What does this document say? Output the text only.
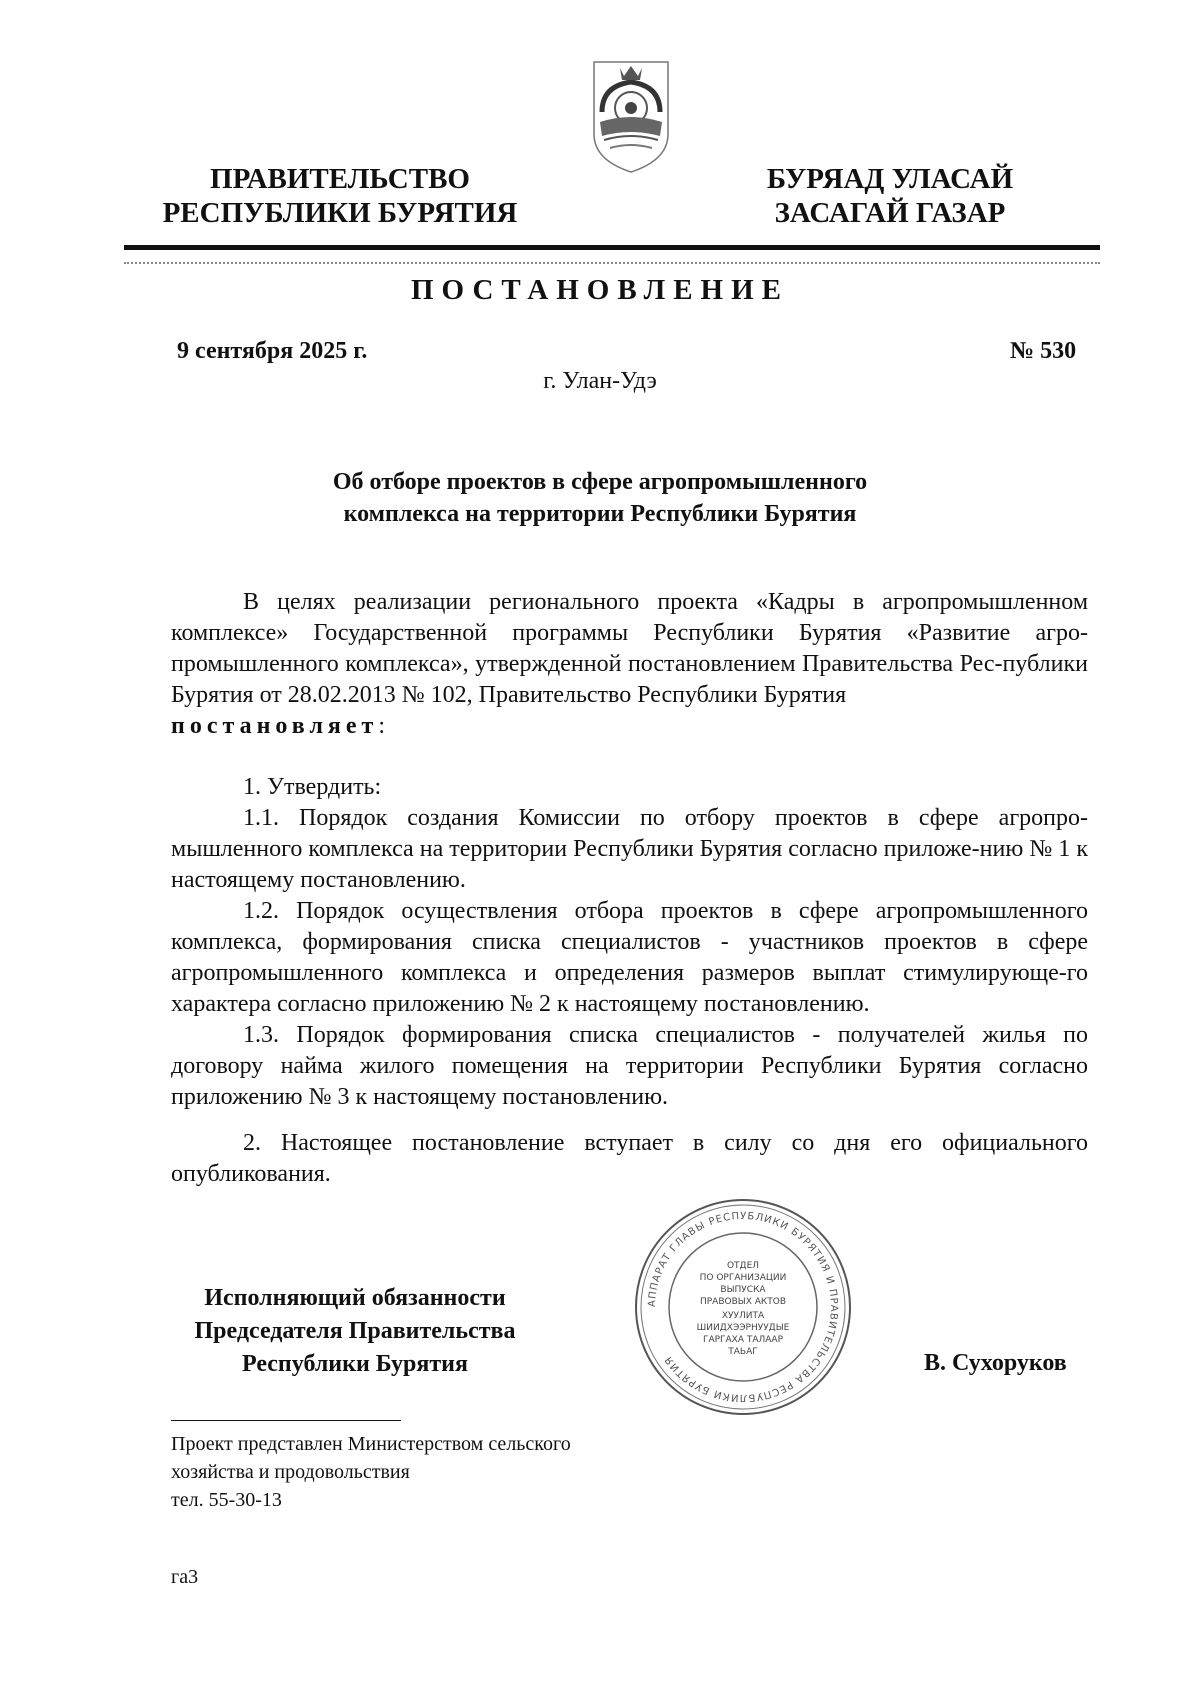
ПРАВИТЕЛЬСТВО
РЕСПУБЛИКИ БУРЯТИЯ
БУРЯАД УЛАСАЙ
ЗАСАГАЙ ГАЗАР
ПОСТАНОВЛЕНИЕ
9 сентября 2025 г.	№ 530
г. Улан-Удэ
Об отборе проектов в сфере агропромышленного
комплекса на территории Республики Бурятия

В целях реализации регионального проекта «Кадры в агропромышленном комплексе» Государственной программы Республики Бурятия «Развитие агро-промышленного комплекса», утвержденной постановлением Правительства Рес-публики Бурятия от 28.02.2013 № 102, Правительство Республики Бурятия
постановляет:

1. Утвердить:

1.1. Порядок создания Комиссии по отбору проектов в сфере агропро-мышленного комплекса на территории Республики Бурятия согласно приложе-нию № 1 к настоящему постановлению.

1.2. Порядок осуществления отбора проектов в сфере агропромышленного комплекса, формирования списка специалистов - участников проектов в сфере агропромышленного комплекса и определения размеров выплат стимулирующе-го характера согласно приложению № 2 к настоящему постановлению.

1.3. Порядок формирования списка специалистов - получателей жилья по договору найма жилого помещения на территории Республики Бурятия согласно приложению № 3 к настоящему постановлению.

2. Настоящее постановление вступает в силу со дня его официального опубликования.

Исполняющий обязанности
Председателя Правительства
Республики Бурятия
АППАРАТ ГЛАВЫ РЕСПУБЛИКИ БУРЯТИЯ И ПРАВИТЕЛЬСТВА РЕСПУБЛИКИ БУРЯТИЯ
ОТДЕЛ
ПО ОРГАНИЗАЦИИ
ВЫПУСКА
ПРАВОВЫХ АКТОВ
ХУУЛИТА
ШИИДХЭЭРНУУДЫЕ
ГАРГАХА ТАЛААР
ТАЬАГ	В. Сухоруков
Проект представлен Министерством сельского
хозяйства и продовольствия
тел. 55-30-13
га3
